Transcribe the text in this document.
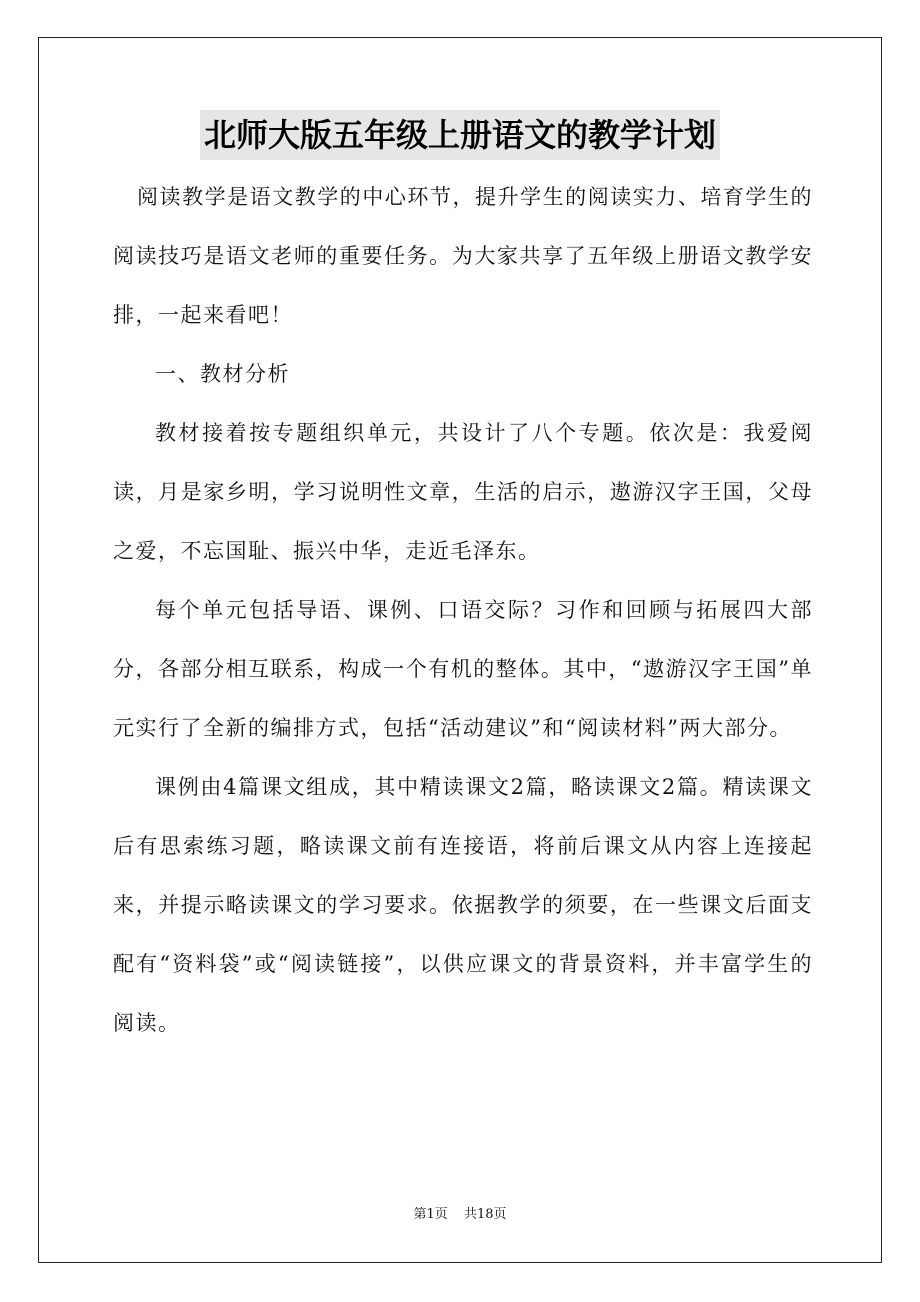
北师大版五年级上册语文的教学计划

阅读教学是语文教学的中心环节，提升学生的阅读实力、培育学生的阅读技巧是语文老师的重要任务。为大家共享了五年级上册语文教学安排，一起来看吧！

一、教材分析

教材接着按专题组织单元，共设计了八个专题。依次是：我爱阅读，月是家乡明，学习说明性文章，生活的启示，遨游汉字王国，父母之爱，不忘国耻、振兴中华，走近毛泽东。

每个单元包括导语、课例、口语交际？习作和回顾与拓展四大部分，各部分相互联系，构成一个有机的整体。其中，“遨游汉字王国”单元实行了全新的编排方式，包括“活动建议”和“阅读材料”两大部分。

课例由4篇课文组成，其中精读课文2篇，略读课文2篇。精读课文后有思索练习题，略读课文前有连接语，将前后课文从内容上连接起来，并提示略读课文的学习要求。依据教学的须要，在一些课文后面支配有“资料袋”或“阅读链接”，以供应课文的背景资料，并丰富学生的阅读。

第1页 共18页
